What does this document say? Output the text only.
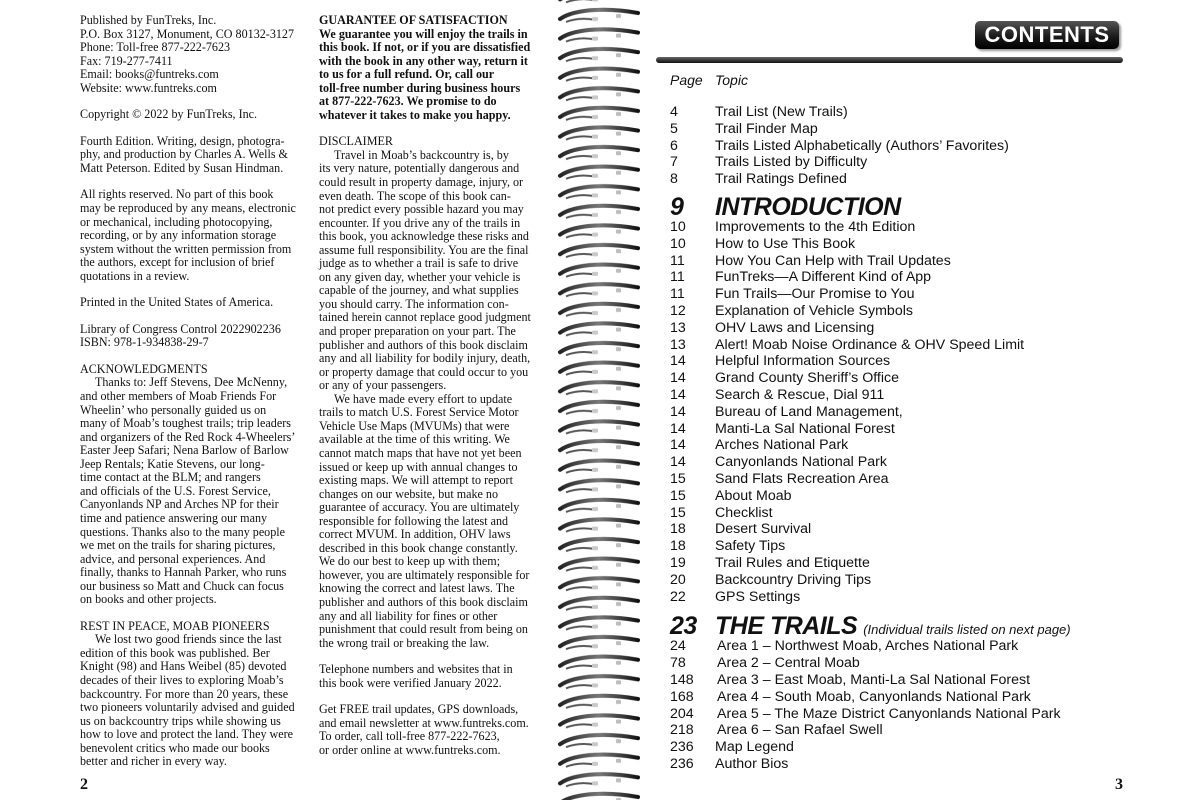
Published by FunTreks, Inc.

P.O. Box 3127, Monument, CO 80132-3127

Phone: Toll-free 877-222-7623

Fax: 719-277-7411

Email: books@funtreks.com

Website: www.funtreks.com

Copyright © 2022 by FunTreks, Inc.

Fourth Edition. Writing, design, photogra-

phy, and production by Charles A. Wells &

Matt Peterson. Edited by Susan Hindman.

All rights reserved. No part of this book

may be reproduced by any means, electronic

or mechanical, including photocopying,

recording, or by any information storage

system without the written permission from

the authors, except for inclusion of brief

quotations in a review.

Printed in the United States of America.

Library of Congress Control 2022902236

ISBN: 978-1-934838-29-7

ACKNOWLEDGMENTS

Thanks to: Jeff Stevens, Dee McNenny,

and other members of Moab Friends For

Wheelin’ who personally guided us on

many of Moab’s toughest trails; trip leaders

and organizers of the Red Rock 4-Wheelers’

Easter Jeep Safari; Nena Barlow of Barlow

Jeep Rentals; Katie Stevens, our long-

time contact at the BLM; and rangers

and officials of the U.S. Forest Service,

Canyonlands NP and Arches NP for their

time and patience answering our many

questions. Thanks also to the many people

we met on the trails for sharing pictures,

advice, and personal experiences. And

finally, thanks to Hannah Parker, who runs

our business so Matt and Chuck can focus

on books and other projects.

REST IN PEACE, MOAB PIONEERS

We lost two good friends since the last

edition of this book was published. Ber

Knight (98) and Hans Weibel (85) devoted

decades of their lives to exploring Moab’s

backcountry. For more than 20 years, these

two pioneers voluntarily advised and guided

us on backcountry trips while showing us

how to love and protect the land. They were

benevolent critics who made our books

better and richer in every way.

GUARANTEE OF SATISFACTION

We guarantee you will enjoy the trails in

this book. If not, or if you are dissatisfied

with the book in any other way, return it

to us for a full refund. Or, call our

toll-free number during business hours

at 877-222-7623. We promise to do

whatever it takes to make you happy.

DISCLAIMER

Travel in Moab’s backcountry is, by

its very nature, potentially dangerous and

could result in property damage, injury, or

even death. The scope of this book can-

not predict every possible hazard you may

encounter. If you drive any of the trails in

this book, you acknowledge these risks and

assume full responsibility. You are the final

judge as to whether a trail is safe to drive

on any given day, whether your vehicle is

capable of the journey, and what supplies

you should carry. The information con-

tained herein cannot replace good judgment

and proper preparation on your part. The

publisher and authors of this book disclaim

any and all liability for bodily injury, death,

or property damage that could occur to you

or any of your passengers.

We have made every effort to update

trails to match U.S. Forest Service Motor

Vehicle Use Maps (MVUMs) that were

available at the time of this writing. We

cannot match maps that have not yet been

issued or keep up with annual changes to

existing maps. We will attempt to report

changes on our website, but make no

guarantee of accuracy. You are ultimately

responsible for following the latest and

correct MVUM. In addition, OHV laws

described in this book change constantly.

We do our best to keep up with them;

however, you are ultimately responsible for

knowing the correct and latest laws. The

publisher and authors of this book disclaim

any and all liability for fines or other

punishment that could result from being on

the wrong trail or breaking the law.

Telephone numbers and websites that in

this book were verified January 2022.

Get FREE trail updates, GPS downloads,

and email newsletter at www.funtreks.com.

To order, call toll-free 877-222-7623,

or order online at www.funtreks.com.

2
CONTENTS
Page Topic
4	Trail List (New Trails)
5	Trail Finder Map
6	Trails Listed Alphabetically (Authors’ Favorites)
7	Trails Listed by Difficulty
8	Trail Ratings Defined
9	INTRODUCTION
10	Improvements to the 4th Edition
10	How to Use This Book
11	How You Can Help with Trail Updates
11	FunTreks—A Different Kind of App
11	Fun Trails—Our Promise to You
12	Explanation of Vehicle Symbols
13	OHV Laws and Licensing
13	Alert! Moab Noise Ordinance & OHV Speed Limit
14	Helpful Information Sources
14	Grand County Sheriff’s Office
14	Search & Rescue, Dial 911
14	Bureau of Land Management,
14	Manti-La Sal National Forest
14	Arches National Park
14	Canyonlands National Park
15	Sand Flats Recreation Area
15	About Moab
15	Checklist
18	Desert Survival
18	Safety Tips
19	Trail Rules and Etiquette
20	Backcountry Driving Tips
22	GPS Settings
23 THE TRAILS (Individual trails listed on next page)
24	Area 1 – Northwest Moab, Arches National Park
78	Area 2 – Central Moab
148	Area 3 – East Moab, Manti-La Sal National Forest
168	Area 4 – South Moab, Canyonlands National Park
204	Area 5 – The Maze District Canyonlands National Park
218	Area 6 – San Rafael Swell
236	Map Legend
236	Author Bios
3
